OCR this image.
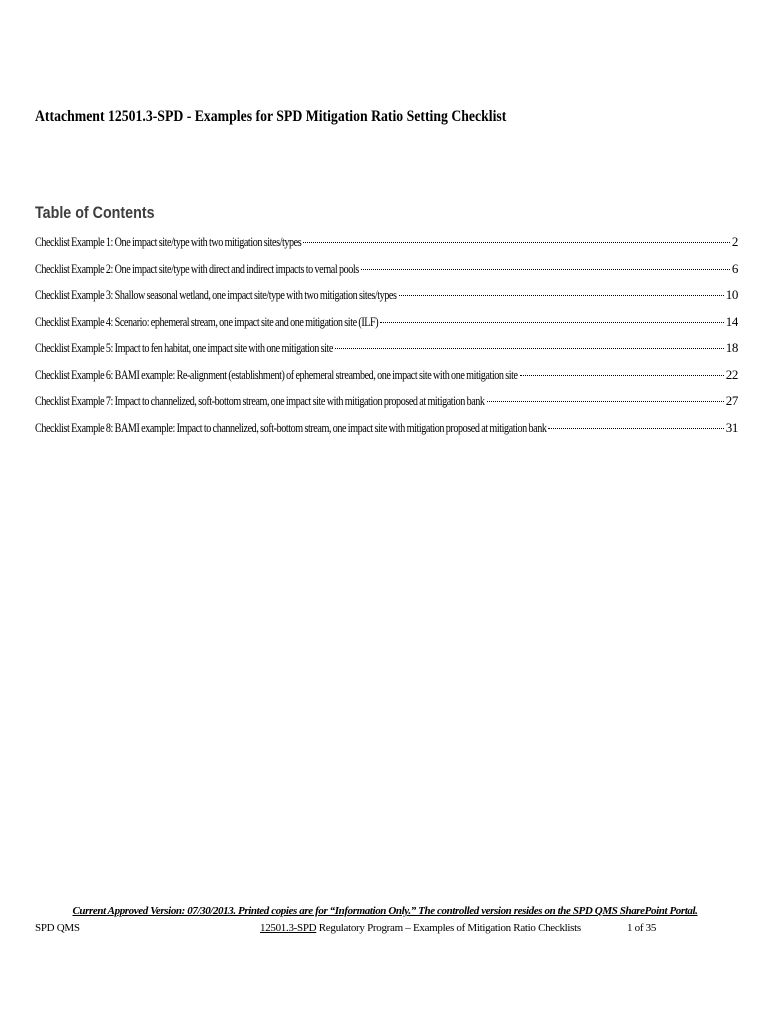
Attachment 12501.3-SPD - Examples for SPD Mitigation Ratio Setting Checklist
Table of Contents
Checklist Example 1: One impact site/type with two mitigation sites/types	2
Checklist Example 2: One impact site/type with direct and indirect impacts to vernal pools	6
Checklist Example 3: Shallow seasonal wetland, one impact site/type with two mitigation sites/types	10
Checklist Example 4: Scenario: ephemeral stream, one impact site and one mitigation site (ILF)	14
Checklist Example 5: Impact to fen habitat, one impact site with one mitigation site	18
Checklist Example 6: BAMI example: Re-alignment (establishment) of ephemeral streambed, one impact site with one mitigation site	22
Checklist Example 7: Impact to channelized, soft-bottom stream, one impact site with mitigation proposed at mitigation bank	27
Checklist Example 8: BAMI example: Impact to channelized, soft-bottom stream, one impact site with mitigation proposed at mitigation bank	31
Current Approved Version: 07/30/2013. Printed copies are for “Information Only.” The controlled version resides on the SPD QMS SharePoint Portal.
SPD QMS	12501.3-SPD Regulatory Program – Examples of Mitigation Ratio Checklists	1 of 35
